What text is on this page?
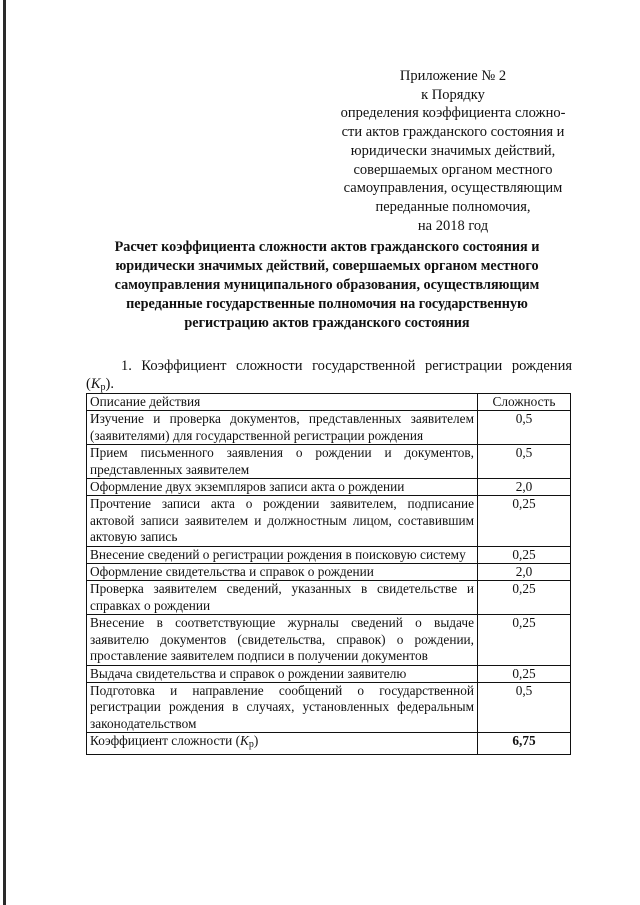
Приложение № 2
к Порядку
определения коэффициента сложно-
сти актов гражданского состояния и
юридически значимых действий,
совершаемых органом местного
самоуправления, осуществляющим
переданные полномочия,
на 2018 год
Расчет коэффициента сложности актов гражданского состояния и
юридически значимых действий, совершаемых органом местного
самоуправления муниципального образования, осуществляющим
переданные государственные полномочия на государственную
регистрацию актов гражданского состояния
1. Коэффициент сложности государственной регистрации рождения
$(K_р)$.
Описание действия	Сложность
Изучение и проверка документов, представленных заявителем (заявителями) для государственной регистрации рождения	0,5
Прием письменного заявления о рождении и документов, представленных заявителем	0,5
Оформление двух экземпляров записи акта о рождении	2,0
Прочтение записи акта о рождении заявителем, подписание актовой записи заявителем и должностным лицом, составившим актовую запись	0,25
Внесение сведений о регистрации рождения в поисковую систему	0,25
Оформление свидетельства и справок о рождении	2,0
Проверка заявителем сведений, указанных в свидетельстве и справках о рождении	0,25
Внесение в соответствующие журналы сведений о выдаче заявителю документов (свидетельства, справок) о рождении, проставление заявителем подписи в получении документов	0,25
Выдача свидетельства и справок о рождении заявителю	0,25
Подготовка и направление сообщений о государственной регистрации рождения в случаях, установленных федеральным законодательством	0,5
Коэффициент сложности $(K_р)$	6,75
